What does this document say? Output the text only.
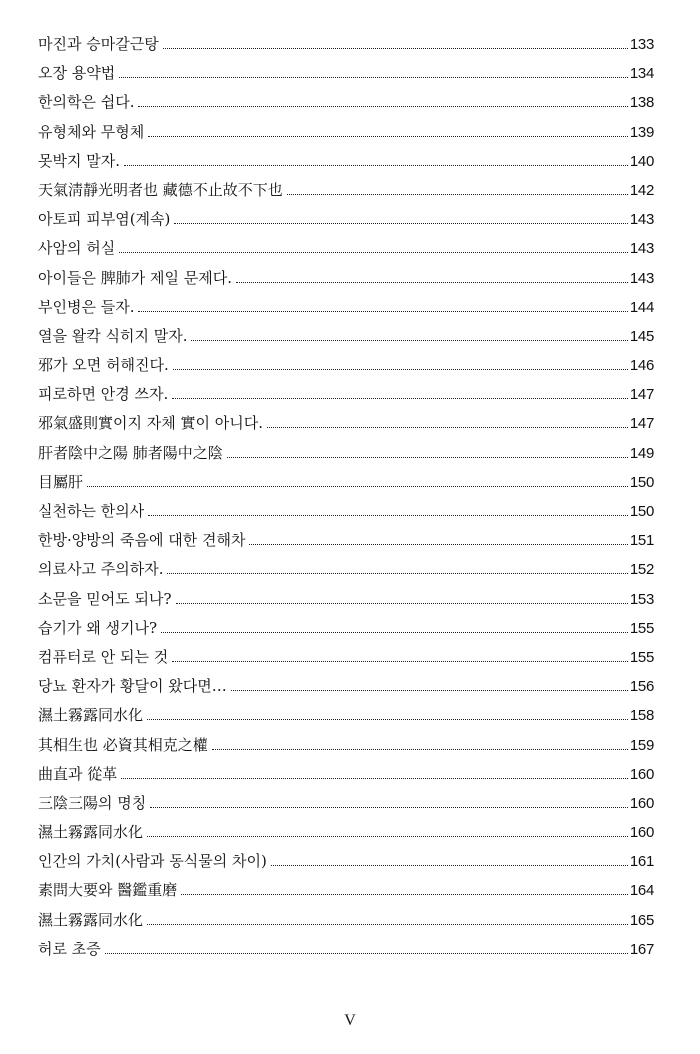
마진과 승마갈근탕	133
오장 용약법	134
한의학은 쉽다.	138
유형체와 무형체	139
못박지 말자.	140
天氣淸靜光明者也 藏德不止故不下也	142
아토피 피부염(계속)	143
사암의 허실	143
아이들은 脾肺가 제일 문제다.	143
부인병은 들자.	144
열을 왈칵 식히지 말자.	145
邪가 오면 허해진다.	146
피로하면 안경 쓰자.	147
邪氣盛則實이지 자체 實이 아니다.	147
肝者陰中之陽 肺者陽中之陰	149
目屬肝	150
실천하는 한의사	150
한방·양방의 죽음에 대한 견해차	151
의료사고 주의하자.	152
소문을 믿어도 되나?	153
습기가 왜 생기나?	155
컴퓨터로 안 되는 것	155
당뇨 환자가 황달이 왔다면…	156
濕土霧露同水化	158
其相生也 必資其相克之權	159
曲直과 從革	160
三陰三陽의 명칭	160
濕土霧露同水化	160
인간의 가치(사람과 동식물의 차이)	161
素問大要와 醫鑑重磨	164
濕土霧露同水化	165
허로 초증	167
V
